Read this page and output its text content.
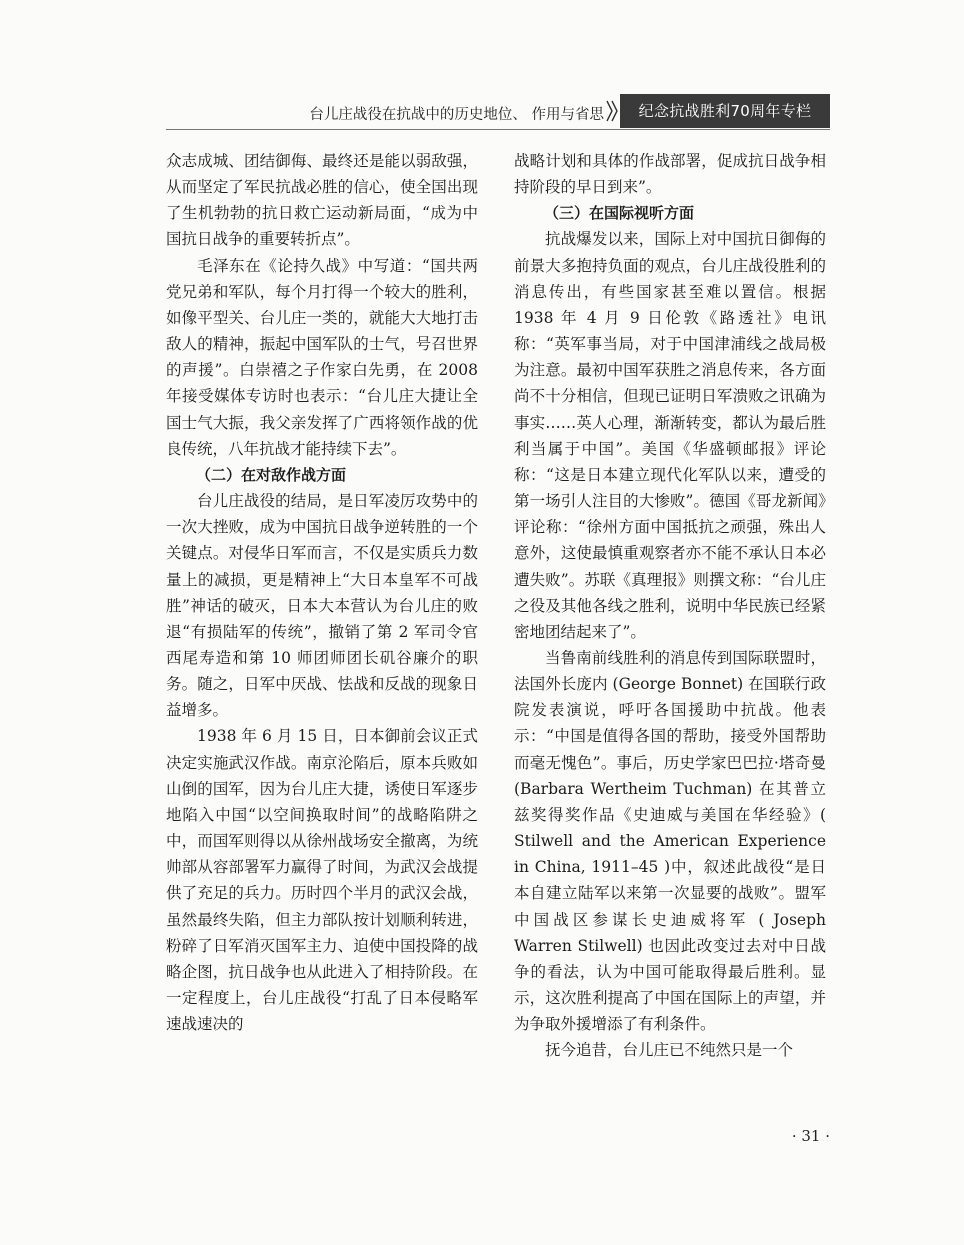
台儿庄战役在抗战中的历史地位、 作用与省思	纪念抗战胜利70周年专栏

众志成城、团结御侮、最终还是能以弱敌强，从而坚定了军民抗战必胜的信心，使全国出现了生机勃勃的抗日救亡运动新局面，“成为中国抗日战争的重要转折点”。

毛泽东在《论持久战》中写道：“国共两党兄弟和军队，每个月打得一个较大的胜利，如像平型关、台儿庄一类的，就能大大地打击敌人的精神，振起中国军队的士气，号召世界的声援”。白崇禧之子作家白先勇，在 2008 年接受媒体专访时也表示：“台儿庄大捷让全国士气大振，我父亲发挥了广西将领作战的优良传统，八年抗战才能持续下去”。

（二）在对敌作战方面

台儿庄战役的结局，是日军凌厉攻势中的一次大挫败，成为中国抗日战争逆转胜的一个关键点。对侵华日军而言，不仅是实质兵力数量上的减损，更是精神上“大日本皇军不可战胜”神话的破灭，日本大本营认为台儿庄的败退“有损陆军的传统”，撤销了第 2 军司令官西尾寿造和第 10 师团师团长矶谷廉介的职务。随之，日军中厌战、怯战和反战的现象日益增多。

1938 年 6 月 15 日，日本御前会议正式决定实施武汉作战。南京沦陷后，原本兵败如山倒的国军，因为台儿庄大捷，诱使日军逐步地陷入中国“以空间换取时间”的战略陷阱之中，而国军则得以从徐州战场安全撤离，为统帅部从容部署军力赢得了时间，为武汉会战提供了充足的兵力。历时四个半月的武汉会战，虽然最终失陷，但主力部队按计划顺利转进，粉碎了日军消灭国军主力、迫使中国投降的战略企图，抗日战争也从此进入了相持阶段。在一定程度上，台儿庄战役“打乱了日本侵略军速战速决的

战略计划和具体的作战部署，促成抗日战争相持阶段的早日到来”。

（三）在国际视听方面

抗战爆发以来，国际上对中国抗日御侮的前景大多抱持负面的观点，台儿庄战役胜利的消息传出，有些国家甚至难以置信。根据 1938 年 4 月 9 日伦敦《路透社》电讯称：“英军事当局，对于中国津浦线之战局极为注意。最初中国军获胜之消息传来，各方面尚不十分相信，但现已证明日军溃败之讯确为事实……英人心理，渐渐转变，都认为最后胜利当属于中国”。美国《华盛顿邮报》评论称：“这是日本建立现代化军队以来，遭受的第一场引人注目的大惨败”。德国《哥龙新闻》评论称：“徐州方面中国抵抗之顽强，殊出人意外，这使最慎重观察者亦不能不承认日本必遭失败”。苏联《真理报》则撰文称：“台儿庄之役及其他各线之胜利，说明中华民族已经紧密地团结起来了”。

当鲁南前线胜利的消息传到国际联盟时，法国外长庞内 (George Bonnet) 在国联行政院发表演说，呼吁各国援助中抗战。他表示：“中国是值得各国的帮助，接受外国帮助而毫无愧色”。事后，历史学家巴巴拉·塔奇曼 (Barbara Wertheim Tuchman) 在其普立兹奖得奖作品《史迪威与美国在华经验》( Stilwell and the American Experience in China, 1911–45 )中，叙述此战役“是日本自建立陆军以来第一次显要的战败”。盟军中国战区参谋长史迪威将军 ( Joseph Warren Stilwell) 也因此改变过去对中日战争的看法，认为中国可能取得最后胜利。显示，这次胜利提高了中国在国际上的声望，并为争取外援增添了有利条件。

抚今追昔，台儿庄已不纯然只是一个

· 31 ·
